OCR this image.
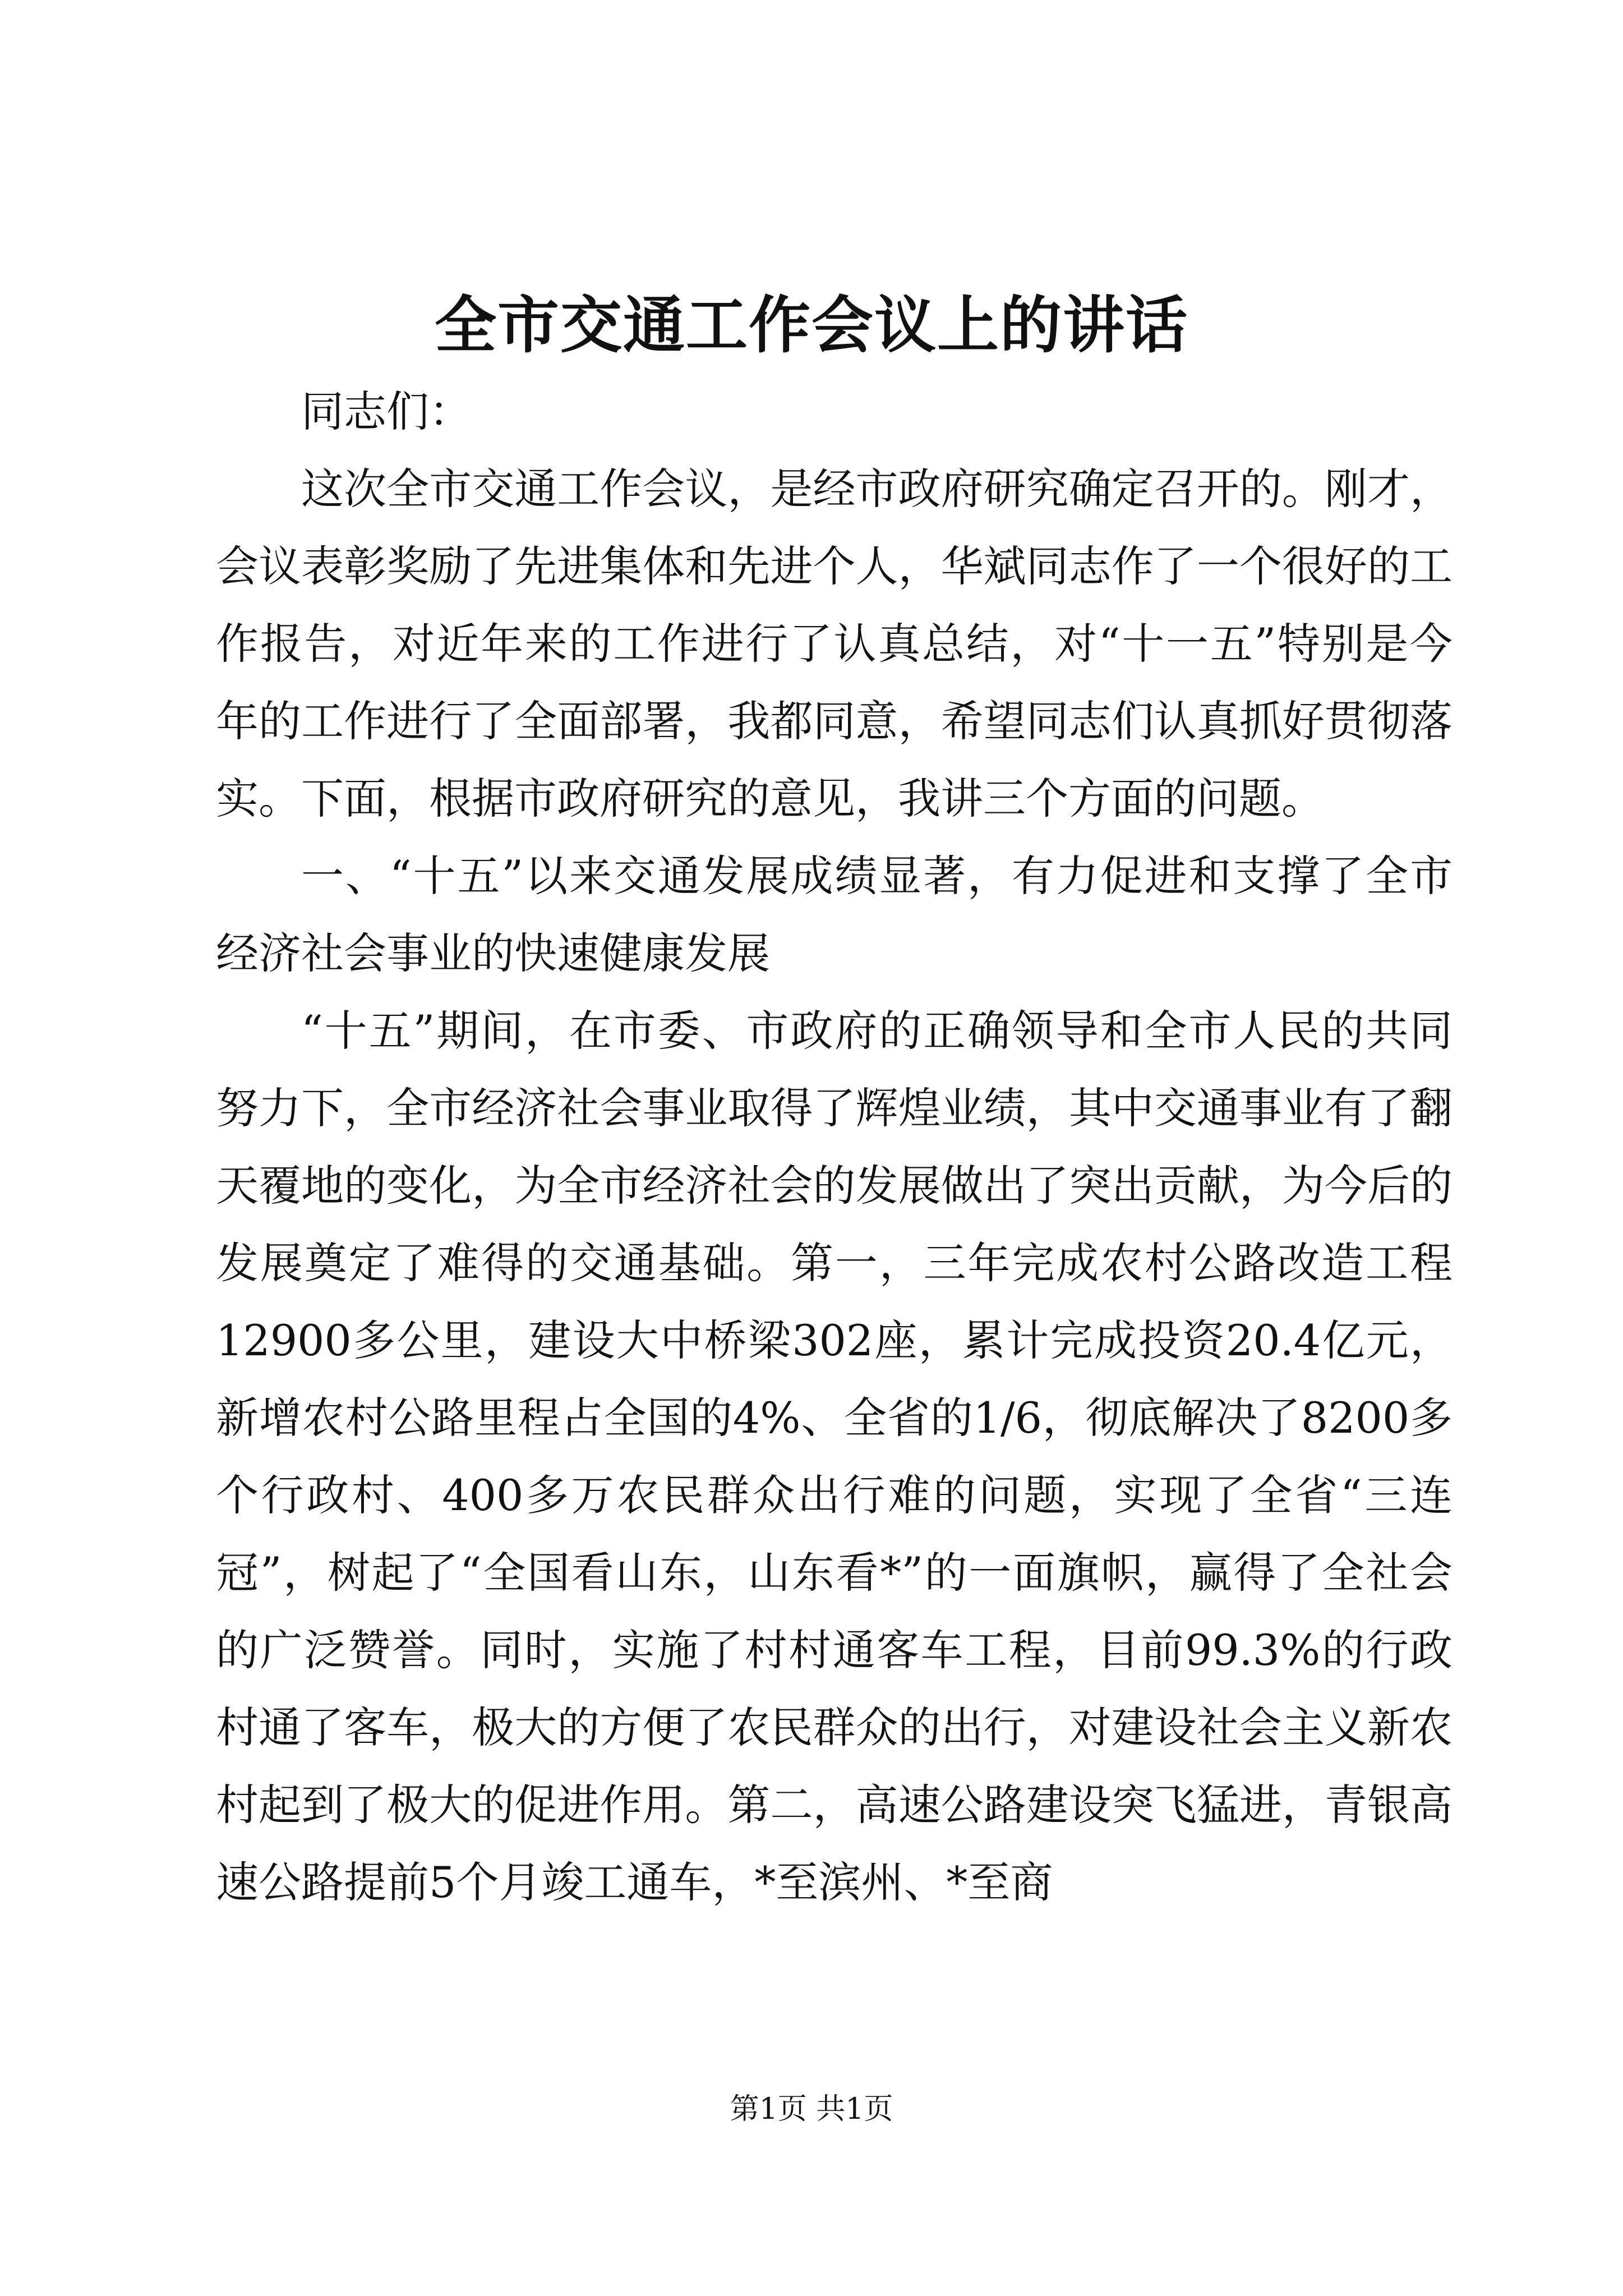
全市交通工作会议上的讲话

同志们：

这次全市交通工作会议，是经市政府研究确定召开的。刚才，会议表彰奖励了先进集体和先进个人，华斌同志作了一个很好的工作报告，对近年来的工作进行了认真总结，对“十一五”特别是今年的工作进行了全面部署，我都同意，希望同志们认真抓好贯彻落实。下面，根据市政府研究的意见，我讲三个方面的问题。

一、“十五”以来交通发展成绩显著，有力促进和支撑了全市经济社会事业的快速健康发展

“十五”期间，在市委、市政府的正确领导和全市人民的共同努力下，全市经济社会事业取得了辉煌业绩，其中交通事业有了翻天覆地的变化，为全市经济社会的发展做出了突出贡献，为今后的发展奠定了难得的交通基础。第一，三年完成农村公路改造工程12900多公里，建设大中桥梁302座，累计完成投资20.4亿元，新增农村公路里程占全国的4%、全省的1/6，彻底解决了8200多个行政村、400多万农民群众出行难的问题，实现了全省“三连冠”，树起了“全国看山东，山东看*”的一面旗帜，赢得了全社会的广泛赞誉。同时，实施了村村通客车工程，目前99.3%的行政村通了客车，极大的方便了农民群众的出行，对建设社会主义新农村起到了极大的促进作用。第二，高速公路建设突飞猛进，青银高速公路提前5个月竣工通车，*至滨州、*至商

第1页 共1页
